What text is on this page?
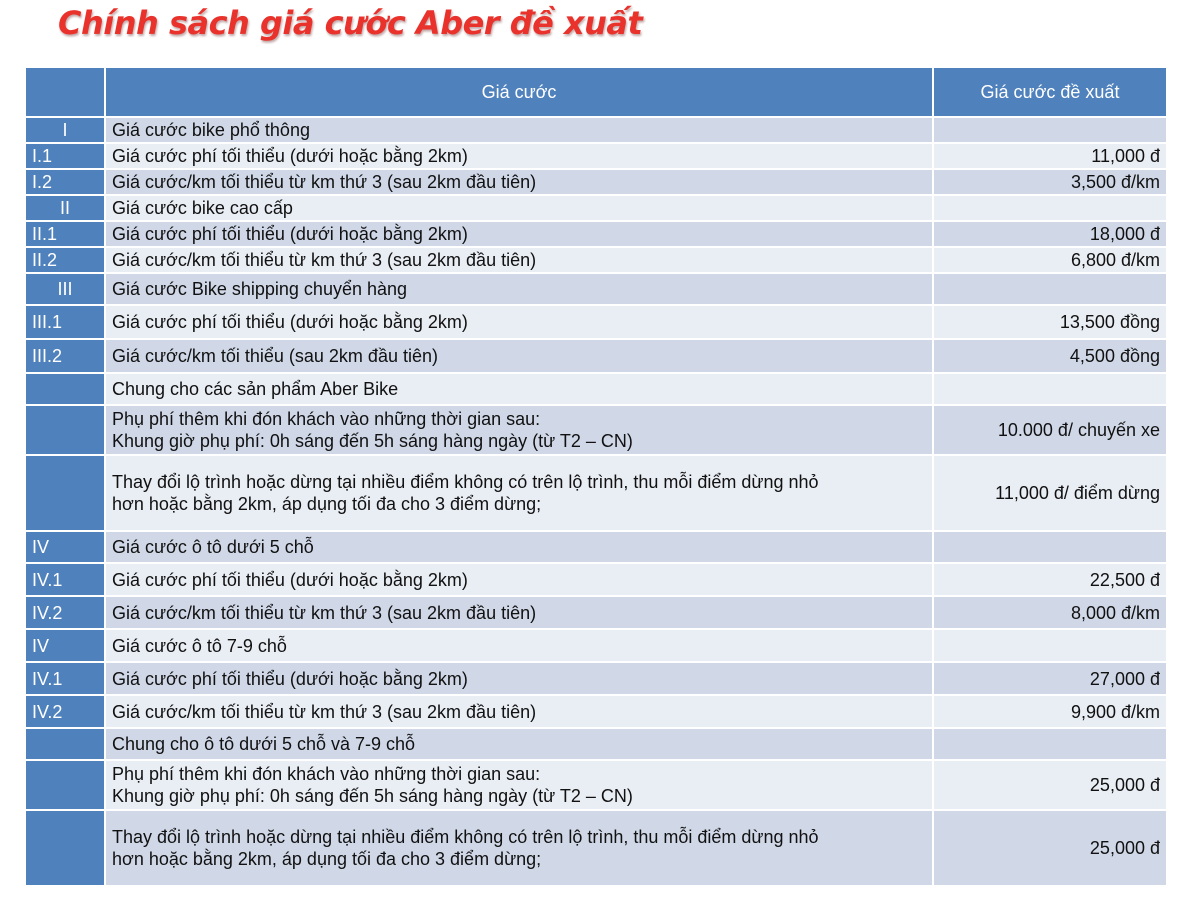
Chính sách giá cước Aber đề xuất
	Giá cước	Giá cước đề xuất
I	Giá cước bike phổ thông	

I.1	Giá cước phí tối thiểu (dưới hoặc bằng 2km)	11,000 đ
I.2	Giá cước/km tối thiểu từ km thứ 3 (sau 2km đầu tiên)	3,500 đ/km
II	Giá cước bike cao cấp	

II.1	Giá cước phí tối thiểu (dưới hoặc bằng 2km)	18,000 đ
II.2	Giá cước/km tối thiểu từ km thứ 3 (sau 2km đầu tiên)	6,800 đ/km
III	Giá cước Bike shipping chuyển hàng	

III.1	Giá cước phí tối thiểu (dưới hoặc bằng 2km)	13,500 đồng
III.2	Giá cước/km tối thiểu (sau 2km đầu tiên)	4,500 đồng

	Chung cho các sản phẩm Aber Bike	

	Phụ phí thêm khi đón khách vào những thời gian sau:
Khung giờ phụ phí: 0h sáng đến 5h sáng hàng ngày (từ T2 – CN)	10.000 đ/ chuyến xe

	Thay đổi lộ trình hoặc dừng tại nhiều điểm không có trên lộ trình, thu mỗi điểm dừng nhỏ
hơn hoặc bằng 2km, áp dụng tối đa cho 3 điểm dừng;	11,000 đ/ điểm dừng
IV	Giá cước ô tô dưới 5 chỗ	

IV.1	Giá cước phí tối thiểu (dưới hoặc bằng 2km)	22,500 đ
IV.2	Giá cước/km tối thiểu từ km thứ 3 (sau 2km đầu tiên)	8,000 đ/km
IV	Giá cước ô tô 7-9 chỗ	

IV.1	Giá cước phí tối thiểu (dưới hoặc bằng 2km)	27,000 đ
IV.2	Giá cước/km tối thiểu từ km thứ 3 (sau 2km đầu tiên)	9,900 đ/km

	Chung cho ô tô dưới 5 chỗ và 7-9 chỗ	

	Phụ phí thêm khi đón khách vào những thời gian sau:
Khung giờ phụ phí: 0h sáng đến 5h sáng hàng ngày (từ T2 – CN)	25,000 đ

	Thay đổi lộ trình hoặc dừng tại nhiều điểm không có trên lộ trình, thu mỗi điểm dừng nhỏ
hơn hoặc bằng 2km, áp dụng tối đa cho 3 điểm dừng;	25,000 đ
